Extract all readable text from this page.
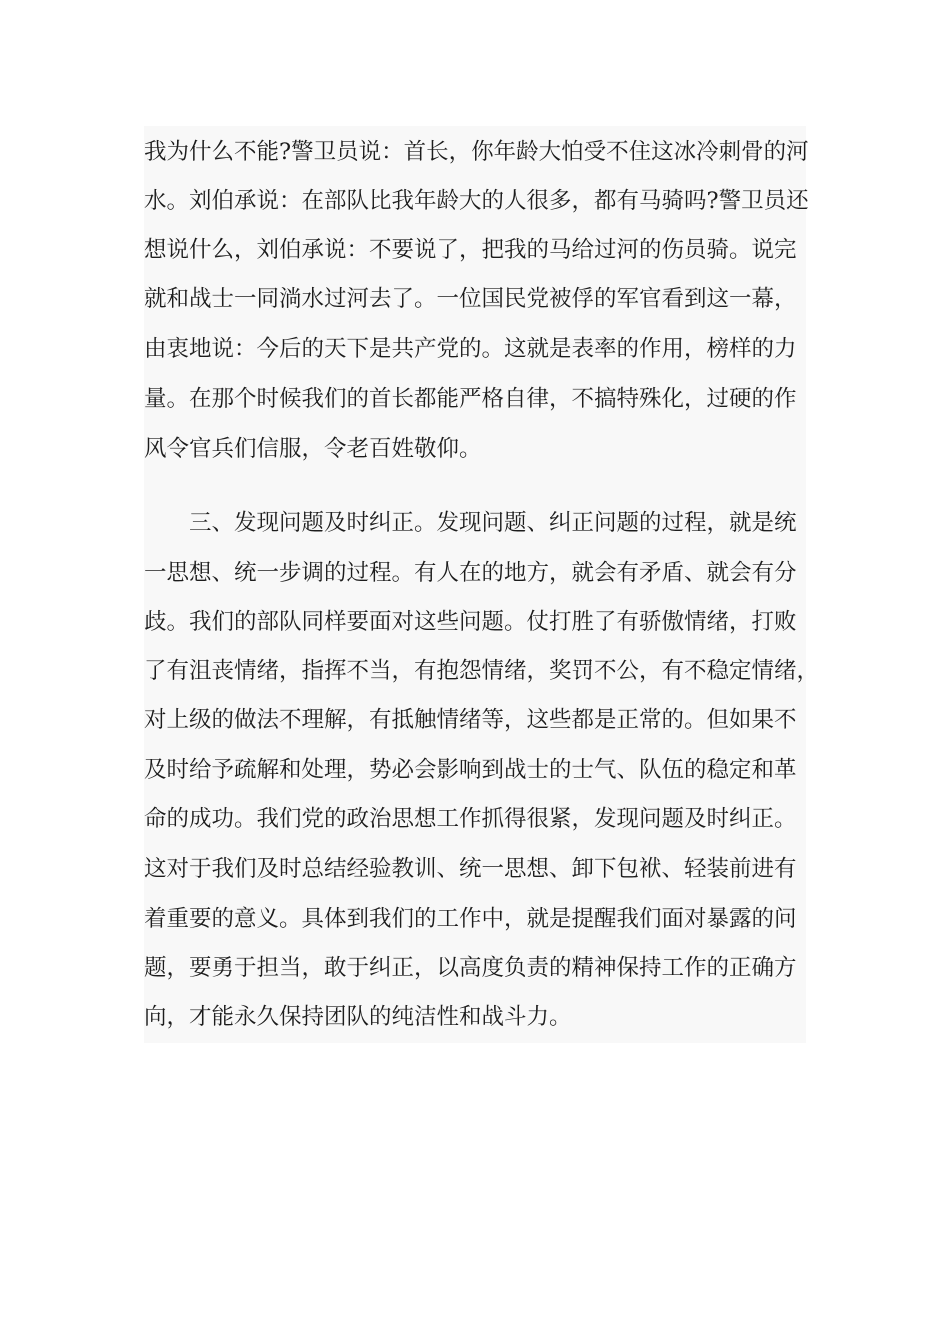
我为什么不能?警卫员说：首长，你年龄大怕受不住这冰冷刺骨的河
水。刘伯承说：在部队比我年龄大的人很多，都有马骑吗?警卫员还
想说什么，刘伯承说：不要说了，把我的马给过河的伤员骑。说完
就和战士一同淌水过河去了。一位国民党被俘的军官看到这一幕，
由衷地说：今后的天下是共产党的。这就是表率的作用，榜样的力
量。在那个时候我们的首长都能严格自律，不搞特殊化，过硬的作
风令官兵们信服，令老百姓敬仰。
三、发现问题及时纠正。发现问题、纠正问题的过程，就是统
一思想、统一步调的过程。有人在的地方，就会有矛盾、就会有分
歧。我们的部队同样要面对这些问题。仗打胜了有骄傲情绪，打败
了有沮丧情绪，指挥不当，有抱怨情绪，奖罚不公，有不稳定情绪，
对上级的做法不理解，有抵触情绪等，这些都是正常的。但如果不
及时给予疏解和处理，势必会影响到战士的士气、队伍的稳定和革
命的成功。我们党的政治思想工作抓得很紧，发现问题及时纠正。
这对于我们及时总结经验教训、统一思想、卸下包袱、轻装前进有
着重要的意义。具体到我们的工作中，就是提醒我们面对暴露的问
题，要勇于担当，敢于纠正，以高度负责的精神保持工作的正确方
向，才能永久保持团队的纯洁性和战斗力。
